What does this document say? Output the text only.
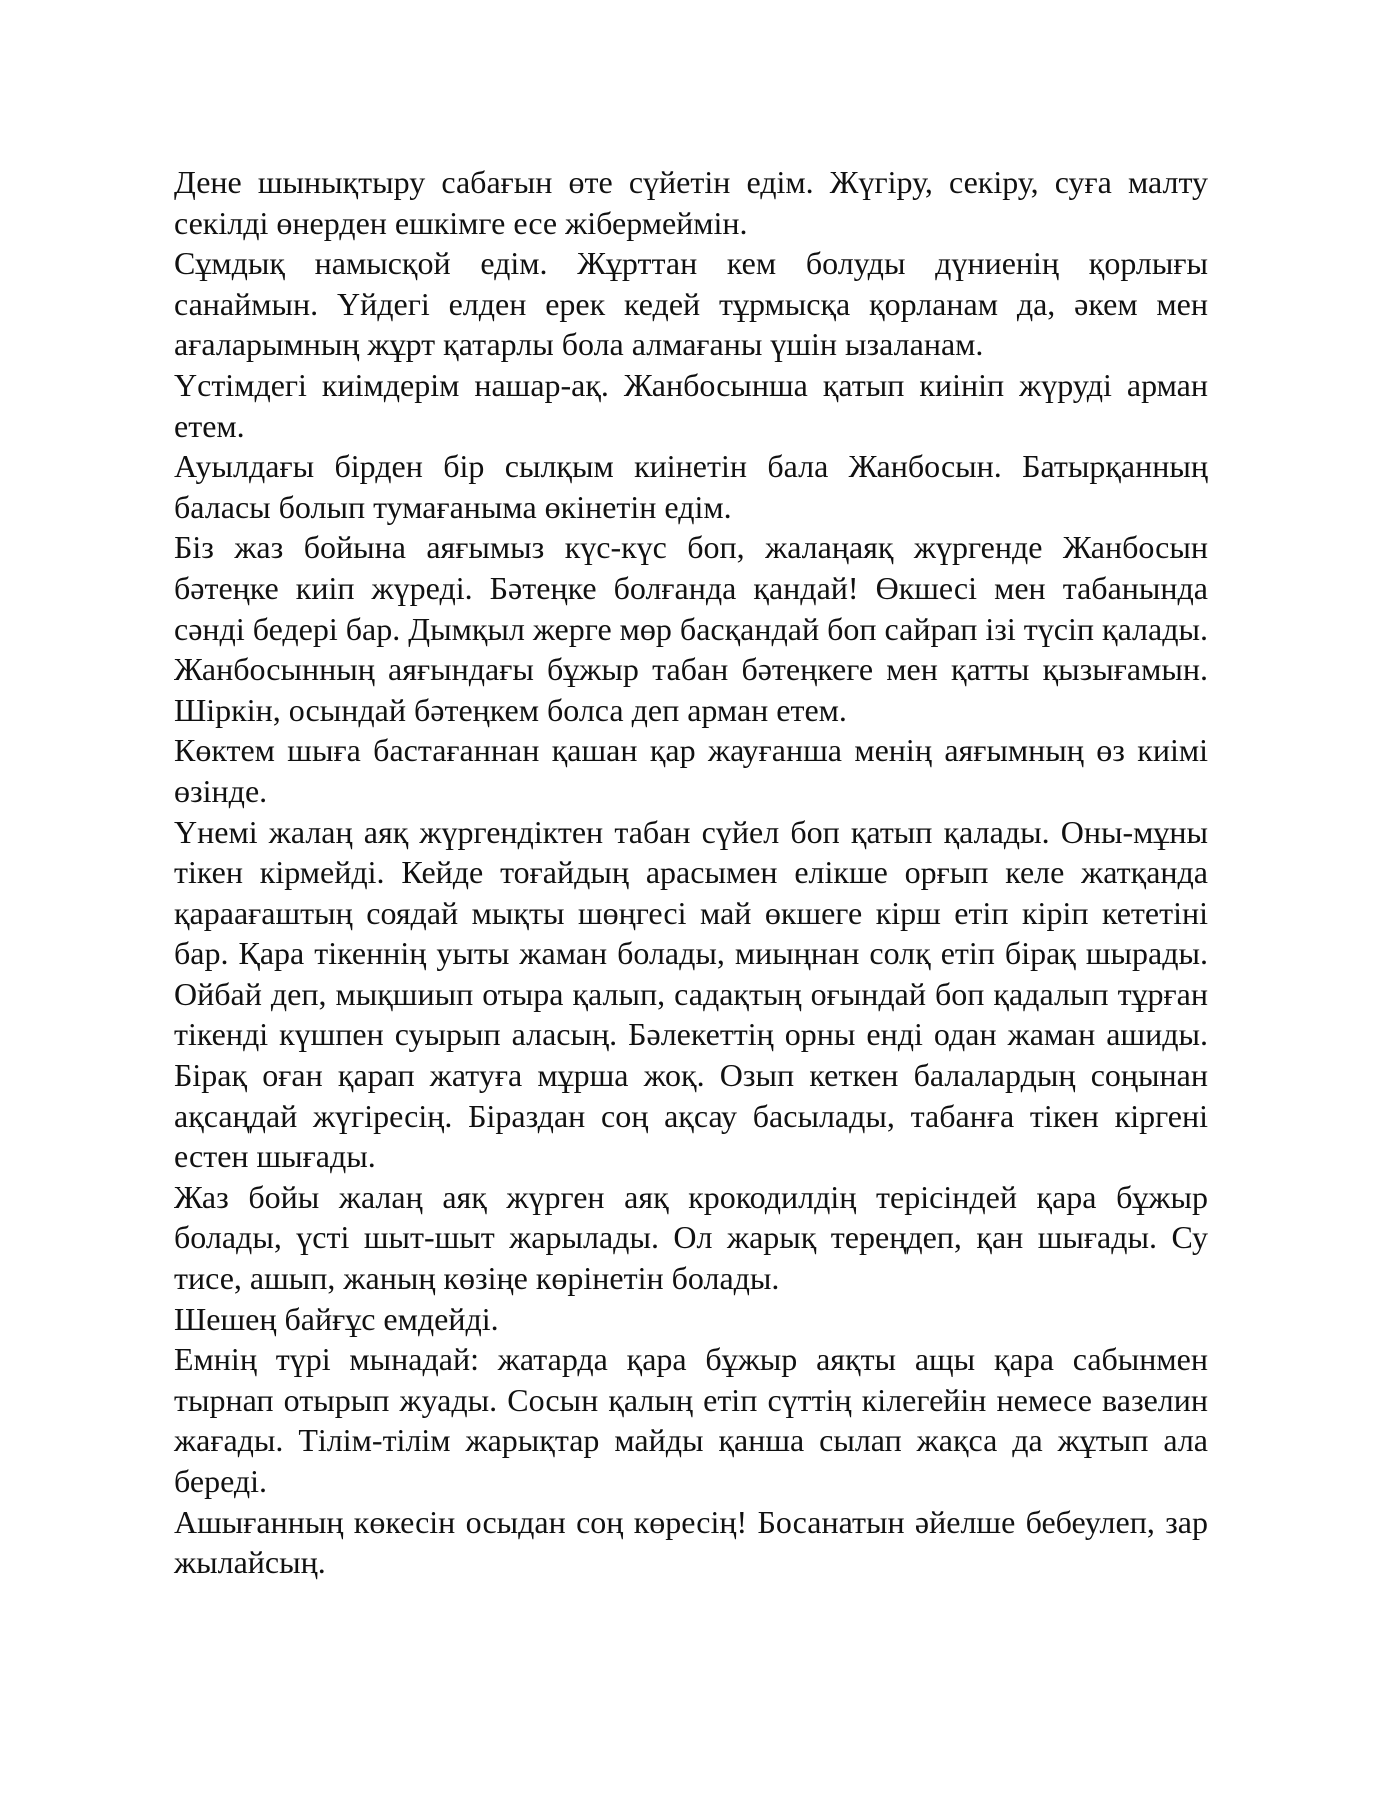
Дене шынықтыру сабағын өте сүйетін едім. Жүгіру, секіру, суға малту секілді өнерден ешкімге есе жібермеймін.

Сұмдық намысқой едім. Жұрттан кем болуды дүниенің қорлығы санаймын. Үйдегі елден ерек кедей тұрмысқа қорланам да, әкем мен ағаларымның жұрт қатарлы бола алмағаны үшін ызаланам.

Үстімдегі киімдерім нашар-ақ. Жанбосынша қатып киініп жүруді арман етем.

Ауылдағы бірден бір сылқым киінетін бала Жанбосын. Батырқанның баласы болып тумағаныма өкінетін едім.

Біз жаз бойына аяғымыз күс-күс боп, жалаңаяқ жүргенде Жанбосын бәтеңке киіп жүреді. Бәтеңке болғанда қандай! Өкшесі мен табанында сәнді бедері бар. Дымқыл жерге мөр басқандай боп сайрап ізі түсіп қалады. Жанбосынның аяғындағы бұжыр табан бәтеңкеге мен қатты қызығамын. Шіркін, осындай бәтеңкем болса деп арман етем.

Көктем шыға бастағаннан қашан қар жауғанша менің аяғымның өз киімі өзінде.

Үнемі жалаң аяқ жүргендіктен табан сүйел боп қатып қалады. Оны-мұны тікен кірмейді. Кейде тоғайдың арасымен елікше орғып келе жатқанда қараағаштың соядай мықты шөңгесі май өкшеге кірш етіп кіріп кететіні бар. Қара тікеннің уыты жаман болады, миыңнан солқ етіп бірақ шырады. Ойбай деп, мықшиып отыра қалып, садақтың оғындай боп қадалып тұрған тікенді күшпен суырып аласың. Бәлекеттің орны енді одан жаман ашиды. Бірақ оған қарап жатуға мұрша жоқ. Озып кеткен балалардың соңынан ақсаңдай жүгіресің. Біраздан соң ақсау басылады, табанға тікен кіргені естен шығады.

Жаз бойы жалаң аяқ жүрген аяқ крокодилдің терісіндей қара бұжыр болады, үсті шыт-шыт жарылады. Ол жарық тереңдеп, қан шығады. Су тисе, ашып, жаның көзіңе көрінетін болады.

Шешең байғұс емдейді.

Емнің түрі мынадай: жатарда қара бұжыр аяқты ащы қара сабынмен тырнап отырып жуады. Сосын қалың етіп сүттің кілегейін немесе вазелин жағады. Тілім-тілім жарықтар майды қанша сылап жақса да жұтып ала береді.

Ашығанның көкесін осыдан соң көресің! Босанатын әйелше бебеулеп, зар жылайсың.
